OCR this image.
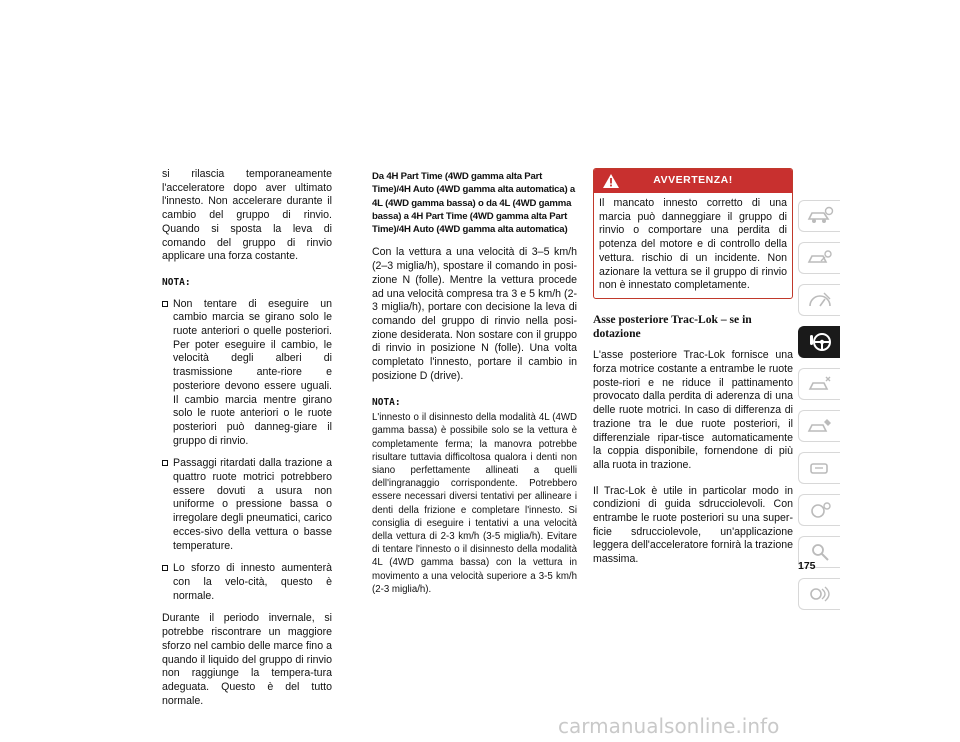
si rilascia temporaneamente l'acceleratore dopo aver ultimato l'innesto. Non accelerare durante il cambio del gruppo di rinvio. Quando si sposta la leva di comando del gruppo di rinvio applicare una forza costante.

NOTA:
Non tentare di eseguire un cambio marcia se girano solo le ruote anteriori o quelle posteriori. Per poter eseguire il cambio, le velocità degli alberi di trasmissione ante-riore e posteriore devono essere uguali. Il cambio marcia mentre girano solo le ruote anteriori o le ruote posteriori può danneg-giare il gruppo di rinvio.
Passaggi ritardati dalla trazione a quattro ruote motrici potrebbero essere dovuti a usura non uniforme o pressione bassa o irregolare degli pneumatici, carico ecces-sivo della vettura o basse temperature.
Lo sforzo di innesto aumenterà con la velo-cità, questo è normale.

Durante il periodo invernale, si potrebbe riscontrare un maggiore sforzo nel cambio delle marce fino a quando il liquido del gruppo di rinvio non raggiunge la tempera-tura adeguata. Questo è del tutto normale.

Da 4H Part Time (4WD gamma alta Part Time)/4H Auto (4WD gamma alta automatica) a 4L (4WD gamma bassa) o da 4L (4WD gamma bassa) a 4H Part Time (4WD gamma alta Part Time)/4H Auto (4WD gamma alta automatica)

Con la vettura a una velocità di 3–5 km/h (2–3 miglia/h), spostare il comando in posi-zione N (folle). Mentre la vettura procede ad una velocità compresa tra 3 e 5 km/h (2-3 miglia/h), portare con decisione la leva di comando del gruppo di rinvio nella posi-zione desiderata. Non sostare con il gruppo di rinvio in posizione N (folle). Una volta completato l'innesto, portare il cambio in posizione D (drive).

NOTA:

L'innesto o il disinnesto della modalità 4L (4WD gamma bassa) è possibile solo se la vettura è completamente ferma; la manovra potrebbe risultare tuttavia difficoltosa qualora i denti non siano perfettamente allineati a quelli dell'ingranaggio corrispondente. Potrebbero essere necessari diversi tentativi per allineare i denti della frizione e completare l'innesto. Si consiglia di eseguire i tentativi a una velocità della vettura di 2-3 km/h (3-5 miglia/h). Evitare di tentare l'innesto o il disinnesto della modalità 4L (4WD gamma bassa) con la vettura in movimento a una velocità superiore a 3-5 km/h (2-3 miglia/h).

AVVERTENZA!
Il mancato innesto corretto di una marcia può danneggiare il gruppo di rinvio o comportare una perdita di potenza del motore e di controllo della vettura. rischio di un incidente. Non azionare la vettura se il gruppo di rinvio non è innestato completamente.
Asse posteriore Trac-Lok – se in dotazione

L'asse posteriore Trac-Lok fornisce una forza motrice costante a entrambe le ruote poste-riori e ne riduce il pattinamento provocato dalla perdita di aderenza di una delle ruote motrici. In caso di differenza di trazione tra le due ruote posteriori, il differenziale ripar-tisce automaticamente la coppia disponibile, fornendone di più alla ruota in trazione.

Il Trac-Lok è utile in particolar modo in condizioni di guida sdrucciolevoli. Con entrambe le ruote posteriori su una super-ficie sdrucciolevole, un'applicazione leggera dell'acceleratore fornirà la trazione massima.

175
carmanualsonline.info
